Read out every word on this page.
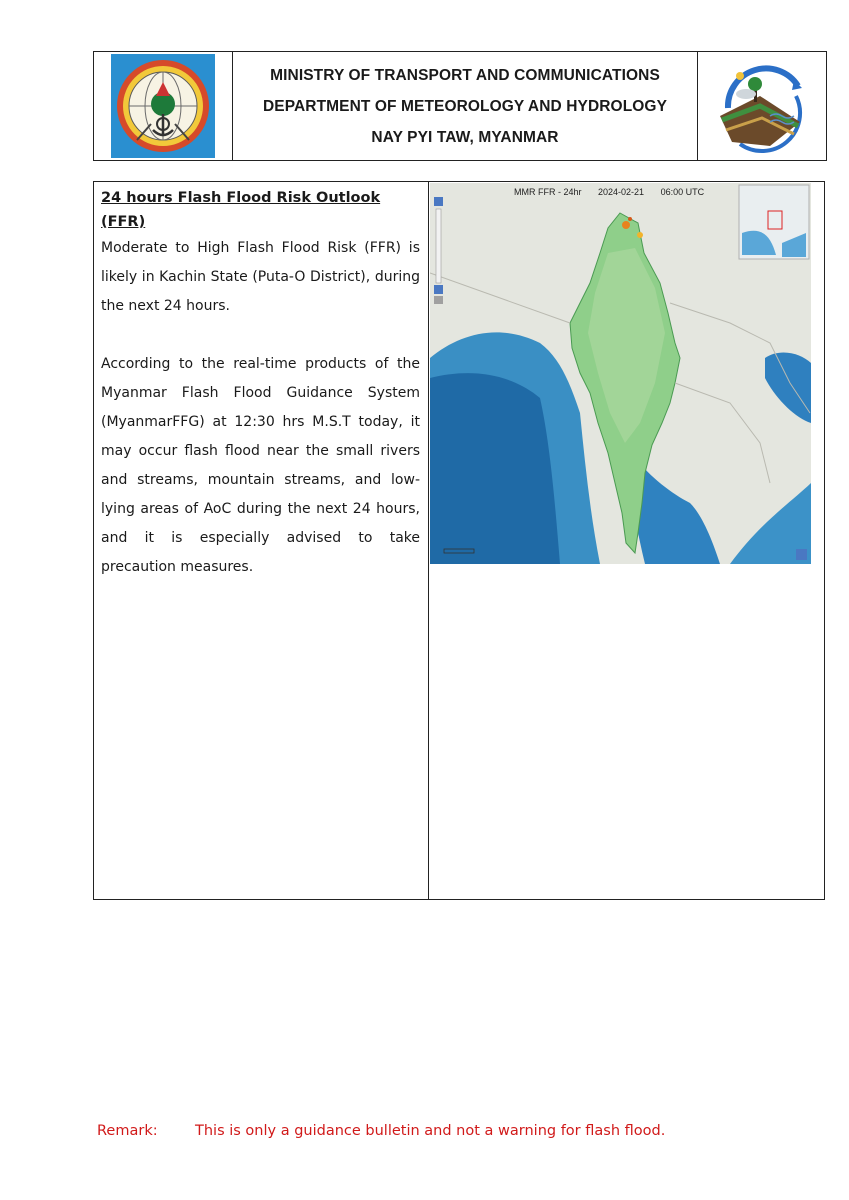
MINISTRY OF TRANSPORT AND COMMUNICATIONS
DEPARTMENT OF METEOROLOGY AND HYDROLOGY
NAY PYI TAW, MYANMAR

24 hours Flash Flood Risk Outlook (FFR)

Moderate to High Flash Flood Risk (FFR) is likely in Kachin State (Puta-O District), during the next 24 hours.

According to the real-time products of the Myanmar Flash Flood Guidance System (MyanmarFFG) at 12:30 hrs M.S.T today, it may occur flash flood near the small rivers and streams, mountain streams, and low-lying areas of AoC during the next 24 hours, and it is especially advised to take precaution measures.

MMR FFR - 24hr 2024-02-21 06:00 UTC
Remark:	This is only a guidance bulletin and not a warning for flash flood.
